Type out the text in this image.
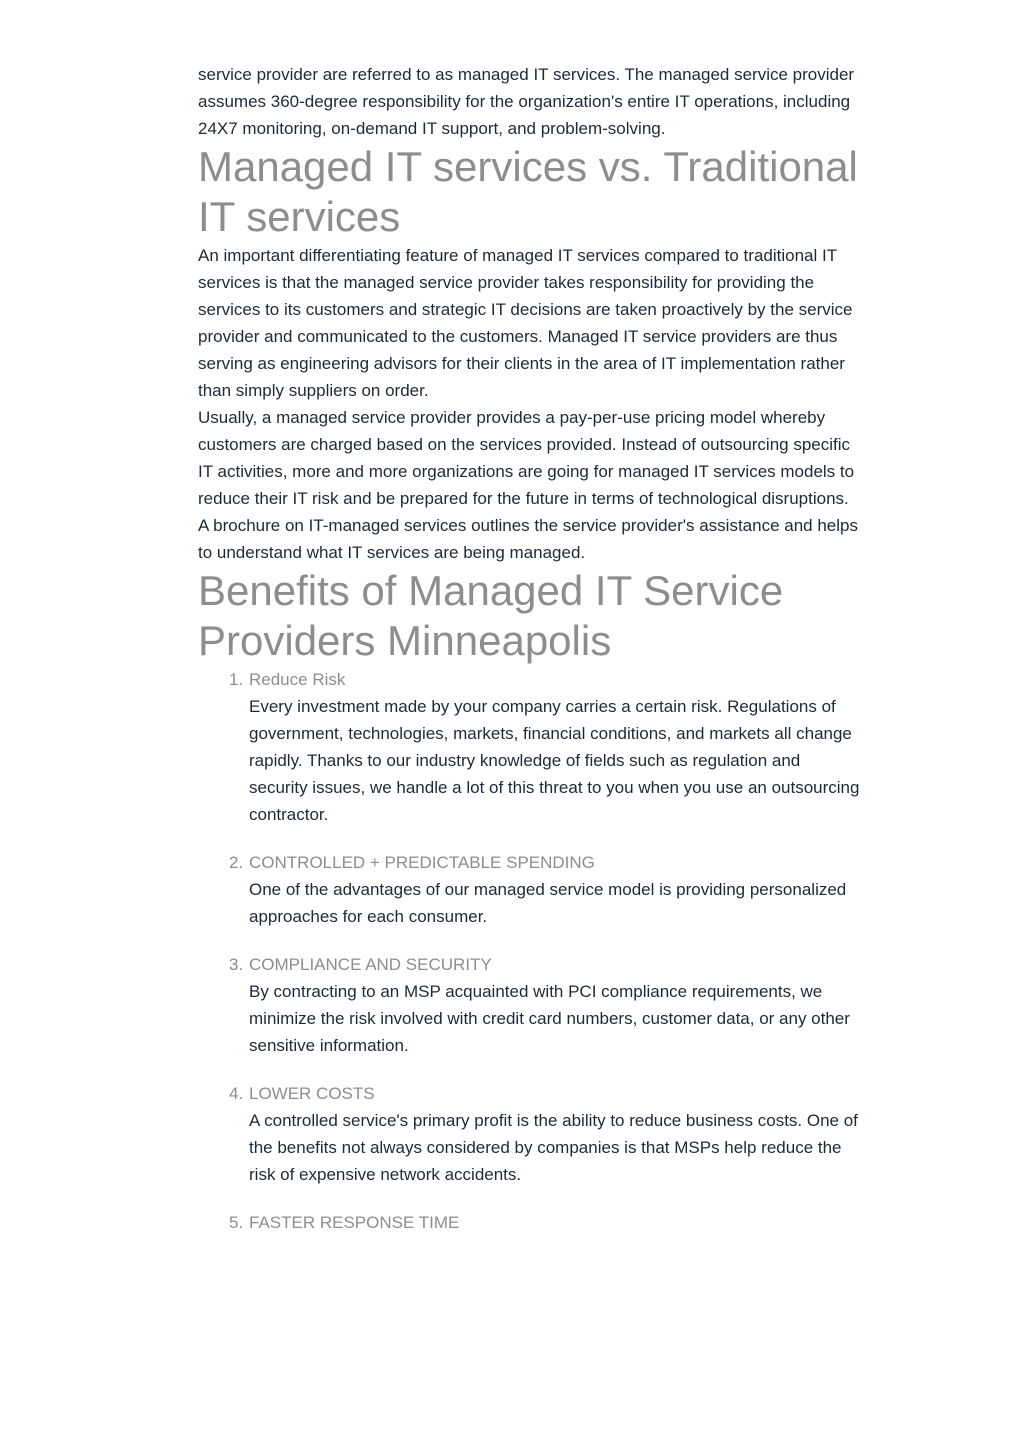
service provider are referred to as managed IT services. The managed service provider assumes 360-degree responsibility for the organization's entire IT operations, including 24X7 monitoring, on-demand IT support, and problem-solving.

Managed IT services vs. Traditional IT services

An important differentiating feature of managed IT services compared to traditional IT services is that the managed service provider takes responsibility for providing the services to its customers and strategic IT decisions are taken proactively by the service provider and communicated to the customers. Managed IT service providers are thus serving as engineering advisors for their clients in the area of IT implementation rather than simply suppliers on order.

Usually, a managed service provider provides a pay-per-use pricing model whereby customers are charged based on the services provided. Instead of outsourcing specific IT activities, more and more organizations are going for managed IT services models to reduce their IT risk and be prepared for the future in terms of technological disruptions. A brochure on IT-managed services outlines the service provider's assistance and helps to understand what IT services are being managed.

Benefits of Managed IT Service Providers Minneapolis
1. Reduce Risk

Every investment made by your company carries a certain risk. Regulations of government, technologies, markets, financial conditions, and markets all change rapidly. Thanks to our industry knowledge of fields such as regulation and security issues, we handle a lot of this threat to you when you use an outsourcing contractor.

2. CONTROLLED + PREDICTABLE SPENDING

One of the advantages of our managed service model is providing personalized approaches for each consumer.

3. COMPLIANCE AND SECURITY

By contracting to an MSP acquainted with PCI compliance requirements, we minimize the risk involved with credit card numbers, customer data, or any other sensitive information.

4. LOWER COSTS

A controlled service's primary profit is the ability to reduce business costs. One of the benefits not always considered by companies is that MSPs help reduce the risk of expensive network accidents.

5. FASTER RESPONSE TIME
